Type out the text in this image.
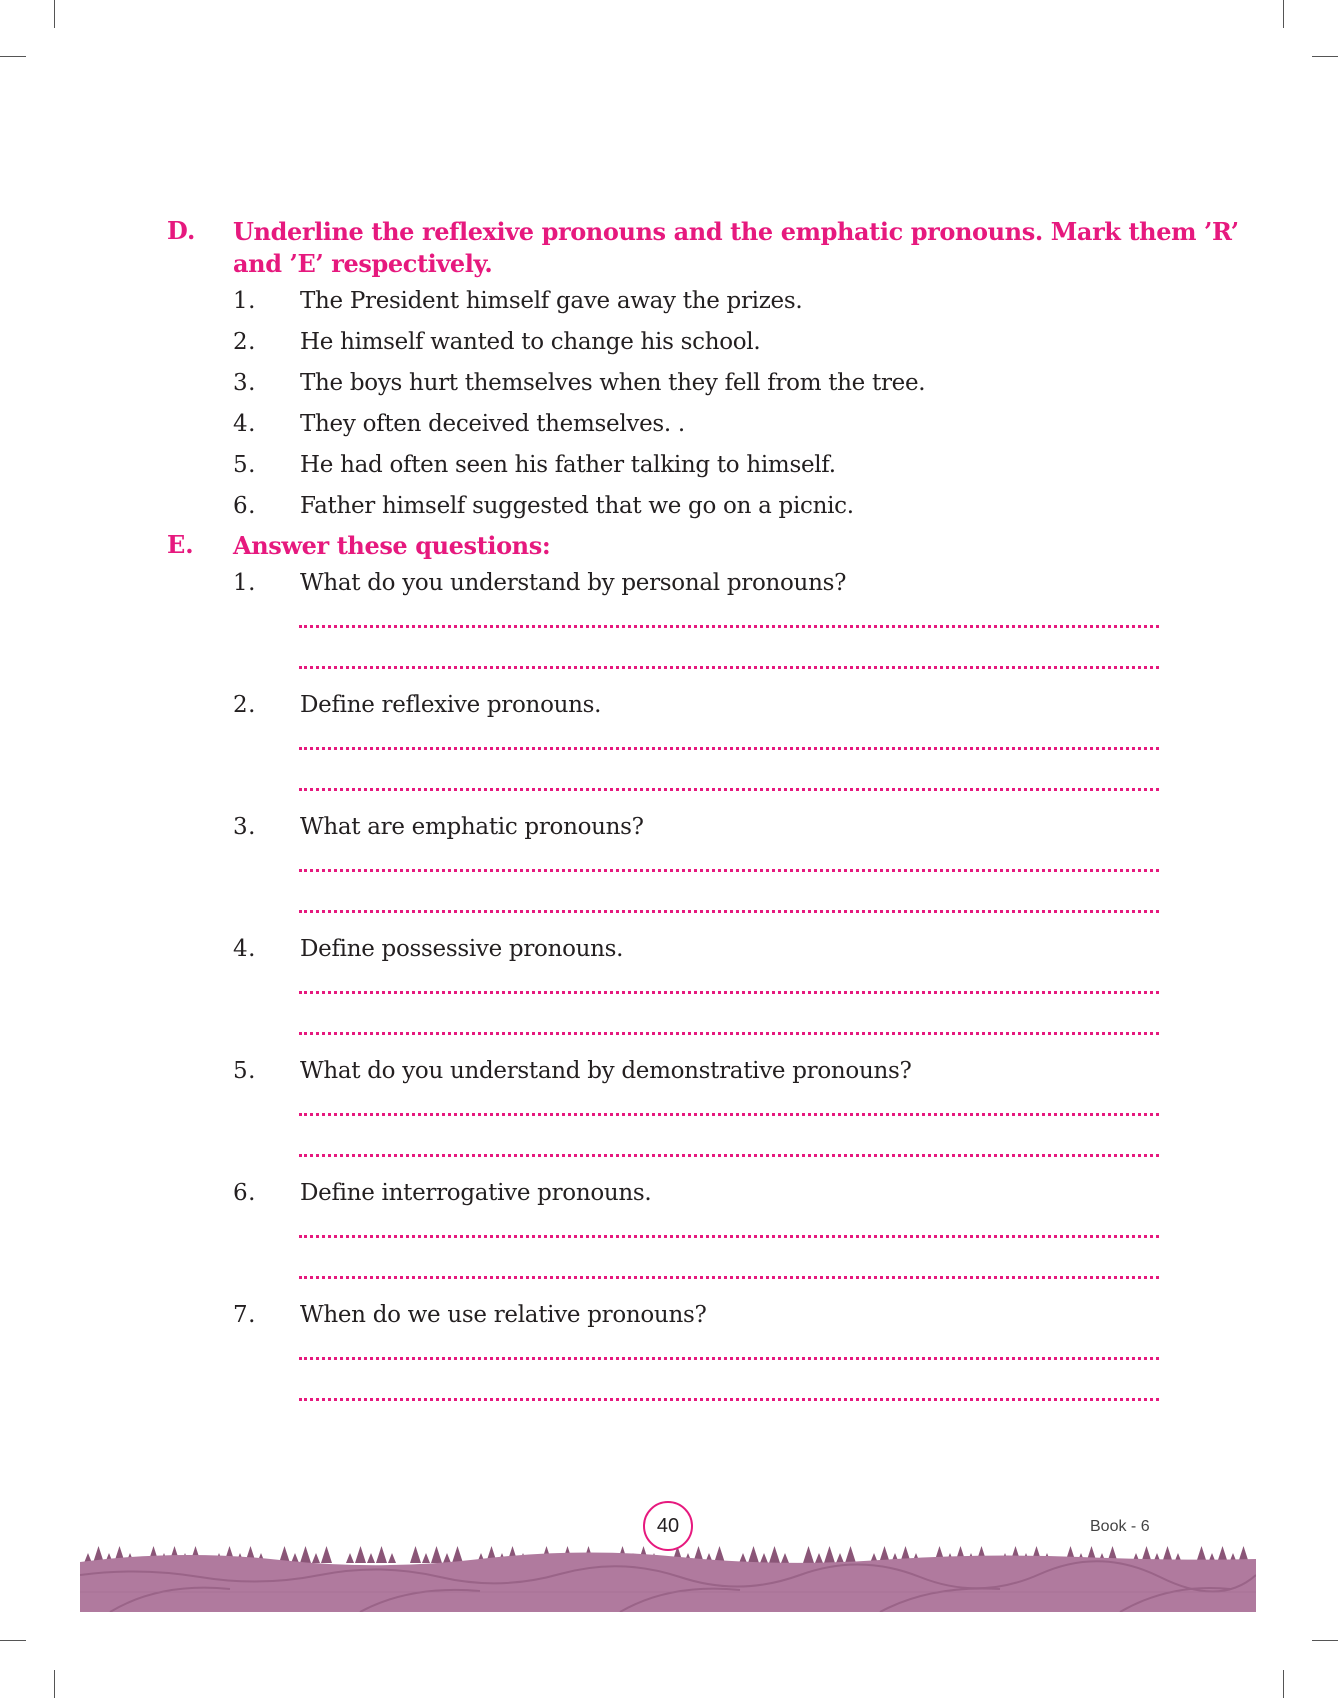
D. Underline the reflexive pronouns and the emphatic pronouns. Mark them ’R’ and ’E’ respectively.
1. The President himself gave away the prizes.
2. He himself wanted to change his school.
3. The boys hurt themselves when they fell from the tree.
4. They often deceived themselves. .
5. He had often seen his father talking to himself.
6. Father himself suggested that we go on a picnic.
E. Answer these questions:
1. What do you understand by personal pronouns?
2. Define reflexive pronouns.
3. What are emphatic pronouns?
4. Define possessive pronouns.
5. What do you understand by demonstrative pronouns?
6. Define interrogative pronouns.
7. When do we use relative pronouns?
40	Book - 6
